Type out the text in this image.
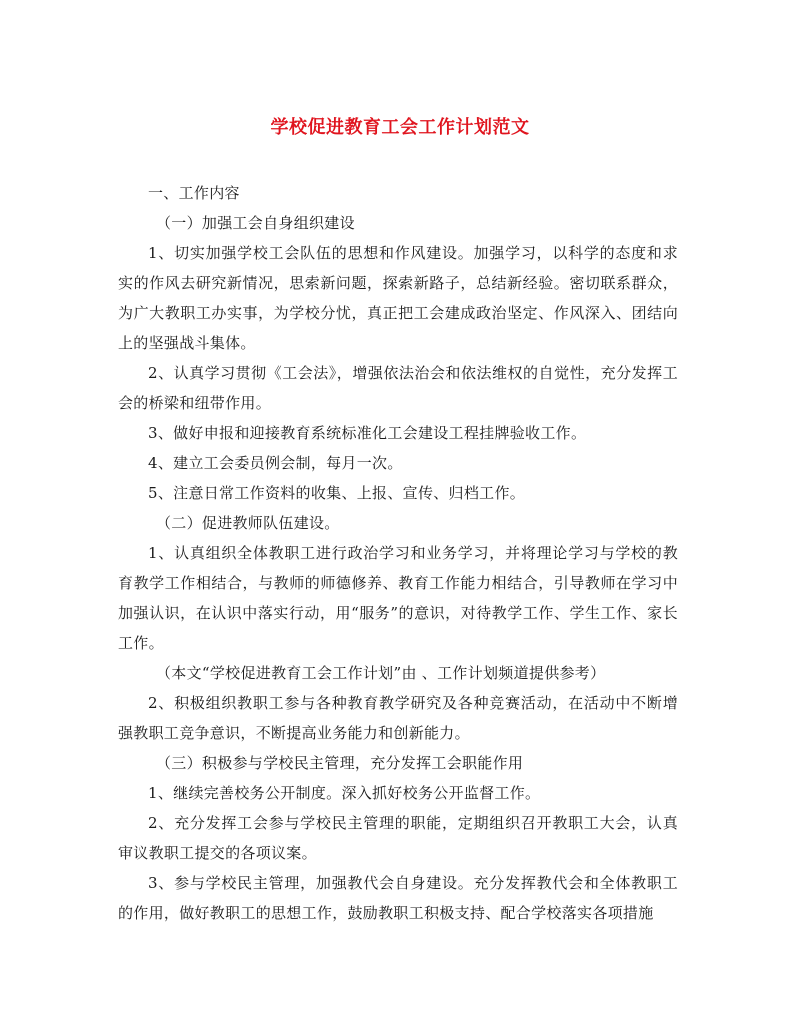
学校促进教育工会工作计划范文

一、工作内容

（一）加强工会自身组织建设

1、切实加强学校工会队伍的思想和作风建设。加强学习，以科学的态度和求实的作风去研究新情况，思索新问题，探索新路子，总结新经验。密切联系群众，为广大教职工办实事，为学校分忧，真正把工会建成政治坚定、作风深入、团结向上的坚强战斗集体。

2、认真学习贯彻《工会法》，增强依法治会和依法维权的自觉性，充分发挥工会的桥梁和纽带作用。

3、做好申报和迎接教育系统标准化工会建设工程挂牌验收工作。

4、建立工会委员例会制，每月一次。

5、注意日常工作资料的收集、上报、宣传、归档工作。

（二）促进教师队伍建设。

1、认真组织全体教职工进行政治学习和业务学习，并将理论学习与学校的教育教学工作相结合，与教师的师德修养、教育工作能力相结合，引导教师在学习中加强认识，在认识中落实行动，用“服务”的意识，对待教学工作、学生工作、家长工作。

（本文“学校促进教育工会工作计划”由 、工作计划频道提供参考）

2、积极组织教职工参与各种教育教学研究及各种竞赛活动，在活动中不断增强教职工竞争意识，不断提高业务能力和创新能力。

（三）积极参与学校民主管理，充分发挥工会职能作用

1、继续完善校务公开制度。深入抓好校务公开监督工作。

2、充分发挥工会参与学校民主管理的职能，定期组织召开教职工大会，认真审议教职工提交的各项议案。

3、参与学校民主管理，加强教代会自身建设。充分发挥教代会和全体教职工的作用，做好教职工的思想工作，鼓励教职工积极支持、配合学校落实各项措施
